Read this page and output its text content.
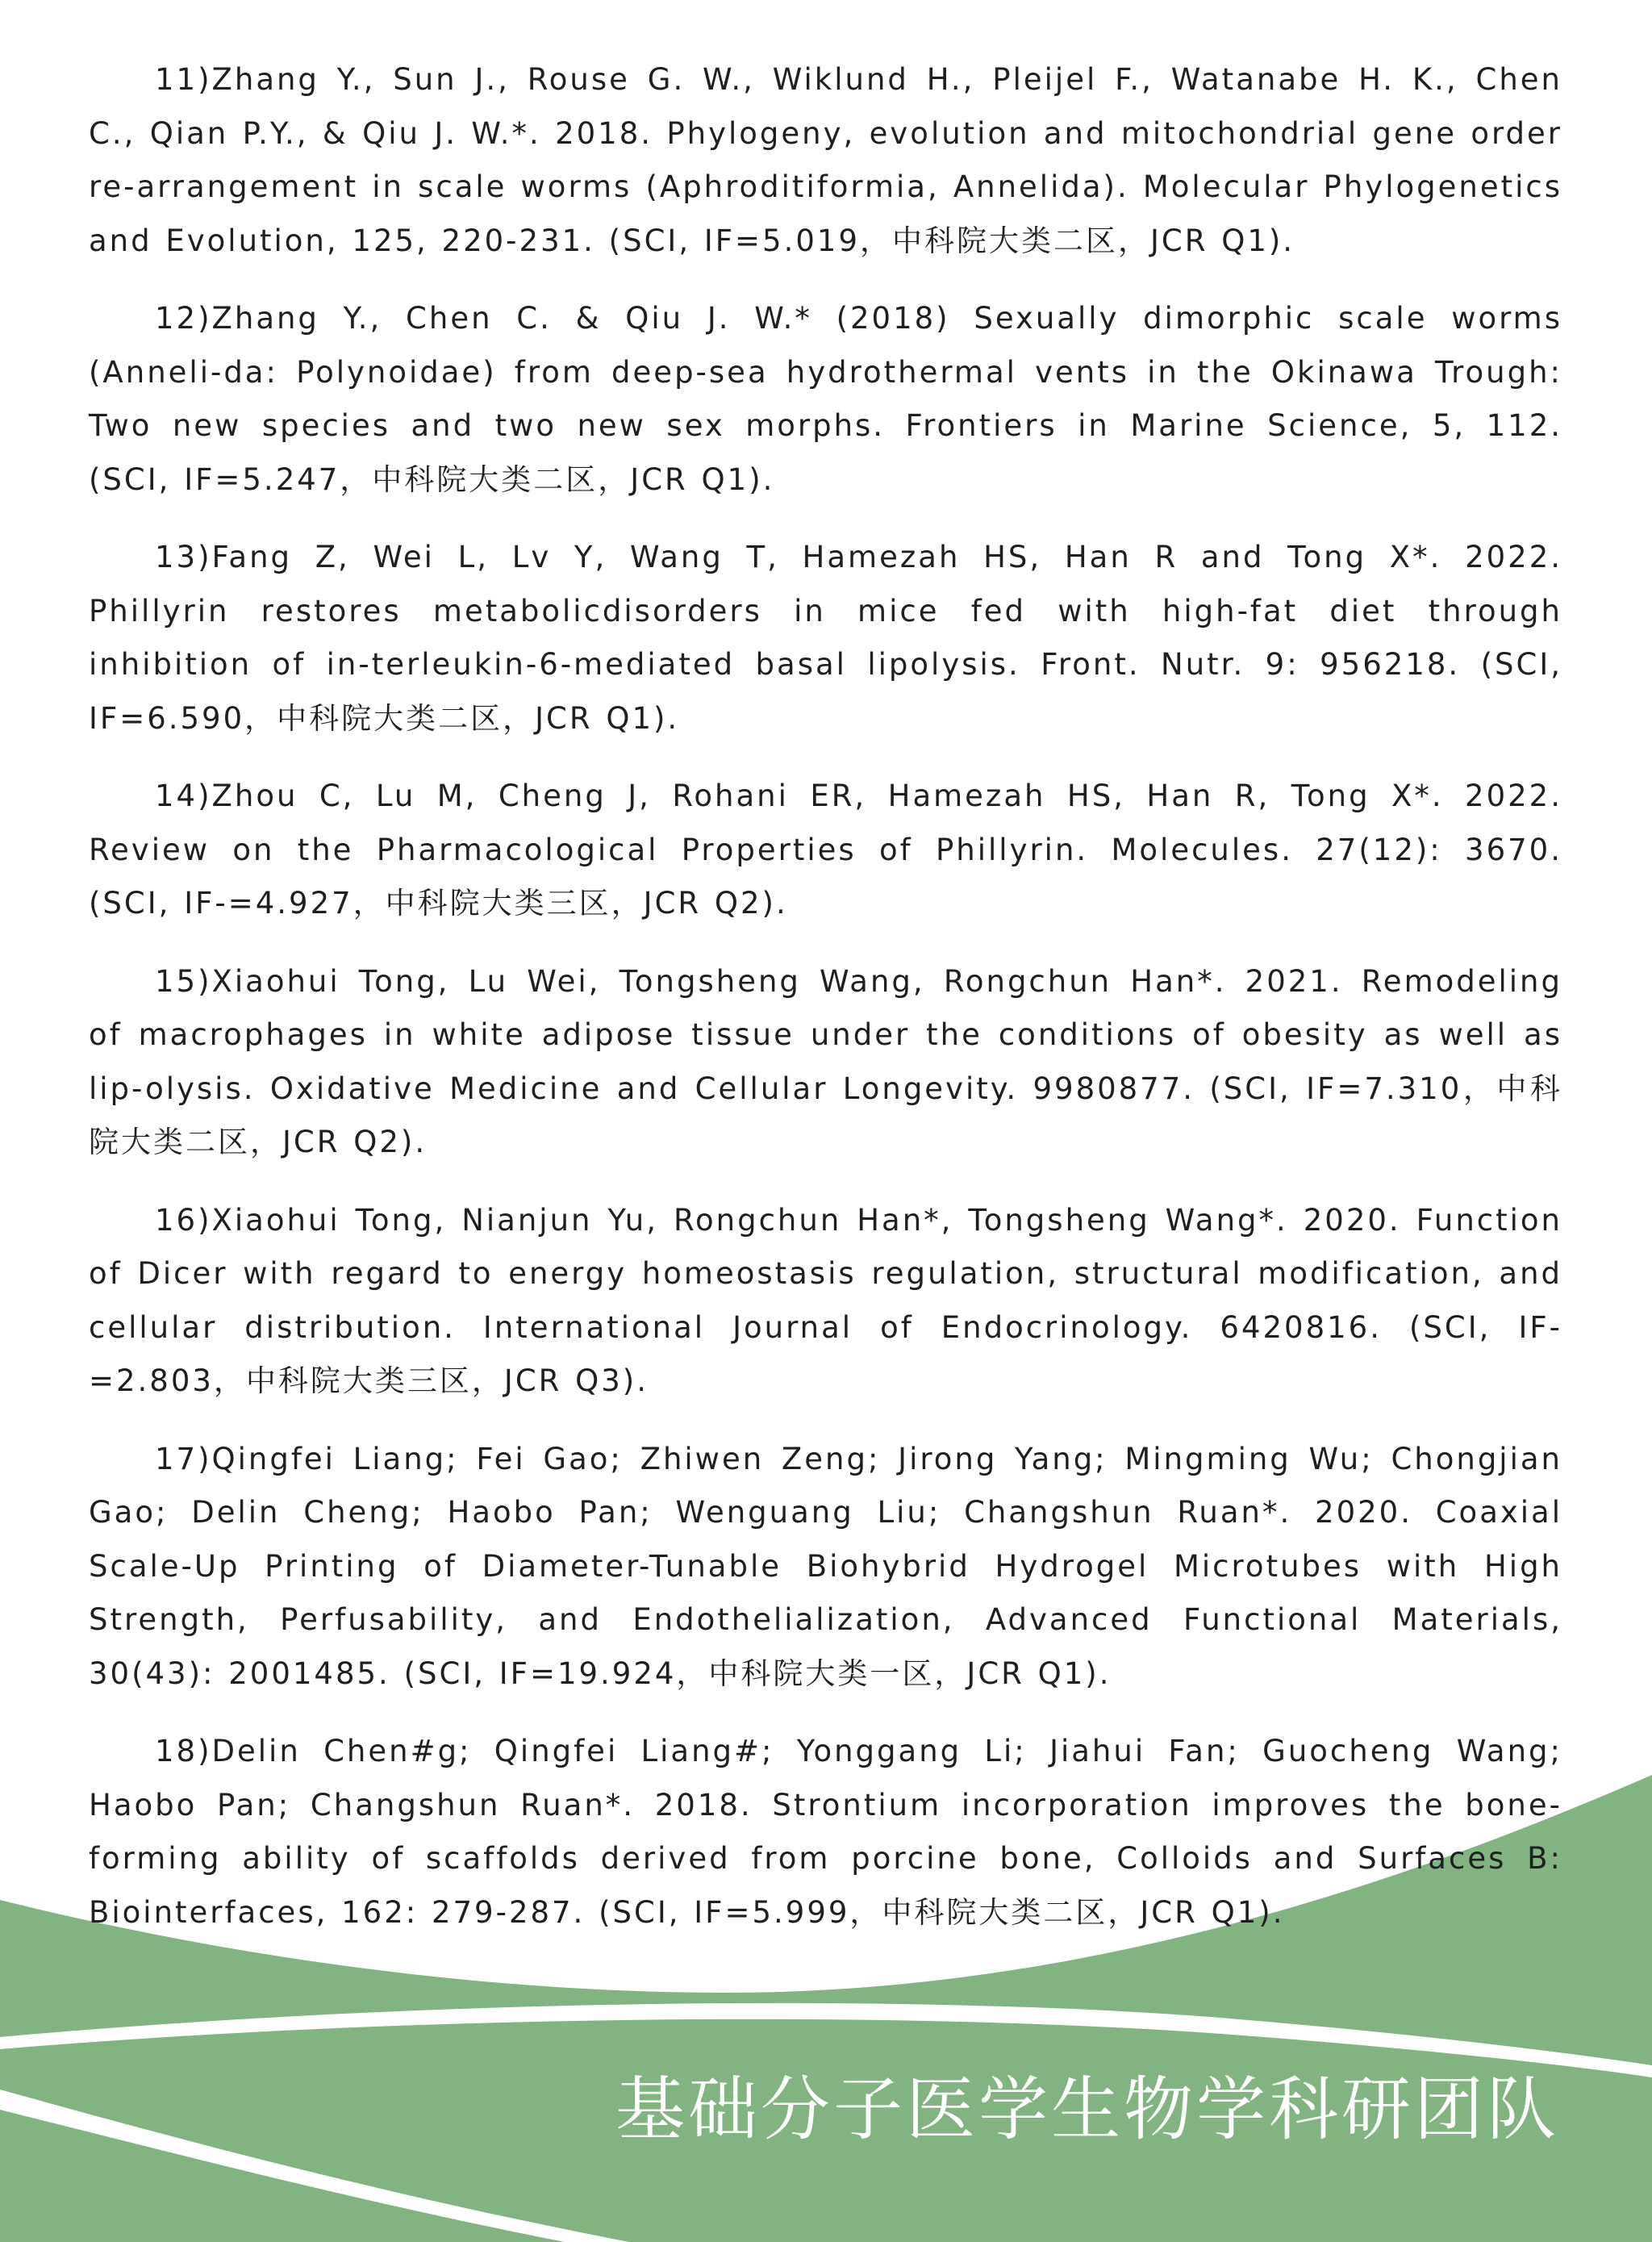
11)Zhang Y., Sun J., Rouse G. W., Wiklund H., Pleijel F., Watanabe H. K., Chen C., Qian P.Y., & Qiu J. W.*. 2018. Phylogeny, evolution and mitochondrial gene order re-arrangement in scale worms (Aphroditiformia, Annelida). Molecular Phylogenetics and Evolution, 125, 220-231. (SCI, IF=5.019，中科院大类二区，JCR Q1).

12)Zhang Y., Chen C. & Qiu J. W.* (2018) Sexually dimorphic scale worms (Anneli-da: Polynoidae) from deep-sea hydrothermal vents in the Okinawa Trough: Two new species and two new sex morphs. Frontiers in Marine Science, 5, 112. (SCI, IF=5.247，中科院大类二区，JCR Q1).

13)Fang Z, Wei L, Lv Y, Wang T, Hamezah HS, Han R and Tong X*. 2022. Phillyrin restores metabolicdisorders in mice fed with high-fat diet through inhibition of in-terleukin-6-mediated basal lipolysis. Front. Nutr. 9: 956218. (SCI, IF=6.590，中科院大类二区，JCR Q1).

14)Zhou C, Lu M, Cheng J, Rohani ER, Hamezah HS, Han R, Tong X*. 2022. Review on the Pharmacological Properties of Phillyrin. Molecules. 27(12): 3670. (SCI, IF-=4.927，中科院大类三区，JCR Q2).

15)Xiaohui Tong, Lu Wei, Tongsheng Wang, Rongchun Han*. 2021. Remodeling of macrophages in white adipose tissue under the conditions of obesity as well as lip-olysis. Oxidative Medicine and Cellular Longevity. 9980877. (SCI, IF=7.310，中科院大类二区，JCR Q2).

16)Xiaohui Tong, Nianjun Yu, Rongchun Han*, Tongsheng Wang*. 2020. Function of Dicer with regard to energy homeostasis regulation, structural modification, and cellular distribution. International Journal of Endocrinology. 6420816. (SCI, IF-=2.803，中科院大类三区，JCR Q3).

17)Qingfei Liang; Fei Gao; Zhiwen Zeng; Jirong Yang; Mingming Wu; Chongjian Gao; Delin Cheng; Haobo Pan; Wenguang Liu; Changshun Ruan*. 2020. Coaxial Scale-Up Printing of Diameter-Tunable Biohybrid Hydrogel Microtubes with High Strength, Perfusability, and Endothelialization, Advanced Functional Materials, 30(43): 2001485. (SCI, IF=19.924，中科院大类一区，JCR Q1).

18)Delin Chen#g; Qingfei Liang#; Yonggang Li; Jiahui Fan; Guocheng Wang; Haobo Pan; Changshun Ruan*. 2018. Strontium incorporation improves the bone-forming ability of scaffolds derived from porcine bone, Colloids and Surfaces B: Biointerfaces, 162: 279-287. (SCI, IF=5.999，中科院大类二区，JCR Q1).

基础分子医学生物学科研团队
